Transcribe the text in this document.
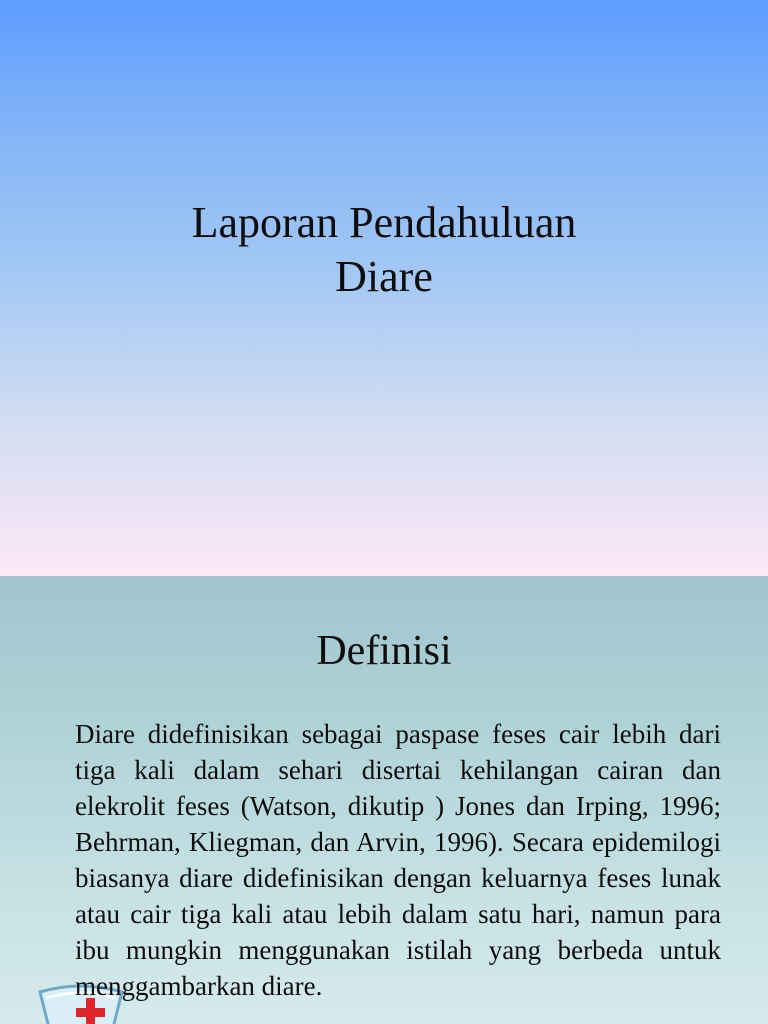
Laporan Pendahuluan
Diare
Definisi

Diare didefinisikan sebagai paspase feses cair lebih dari tiga kali dalam sehari disertai kehilangan cairan dan elekrolit feses (Watson, dikutip ) Jones dan Irping, 1996; Behrman, Kliegman, dan Arvin, 1996). Secara epidemilogi biasanya diare didefinisikan dengan keluarnya feses lunak atau cair tiga kali atau lebih dalam satu hari, namun para ibu mungkin menggunakan istilah yang berbeda untuk menggambarkan diare.
